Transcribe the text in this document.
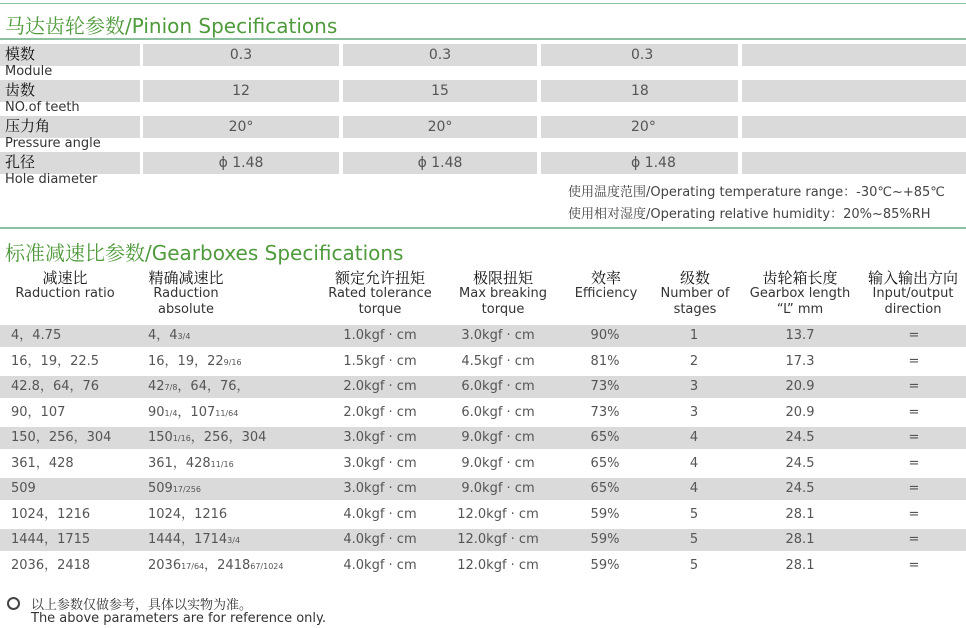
马达齿轮参数/Pinion Specifications
模数
Module
0.3	0.3	0.3
齿数
NO.of teeth
12	15	18
压力角
Pressure angle
20°	20°	20°
孔径
Hole diameter
ϕ 1.48	ϕ 1.48	ϕ 1.48
使用温度范围/Operating temperature range：-30℃~+85℃
使用相对湿度/Operating relative humidity：20%~85%RH
标准减速比参数/Gearboxes Specifications
减速比
Raduction ratio
精确减速比
Raduction
absolute
额定允许扭矩
Rated tolerance
torque
极限扭矩
Max breaking
torque
效率
Efficiency
级数
Number of
stages
齿轮箱长度
Gearbox length
“L” mm
输入输出方向
Input/output
direction
4，4.75	4，43/4	1.0kgf · cm	3.0kgf · cm	90%	1	13.7	=
16，19，22.5	16，19，229/16	1.5kgf · cm	4.5kgf · cm	81%	2	17.3	=
42.8，64，76	427/8，64，76，	2.0kgf · cm	6.0kgf · cm	73%	3	20.9	=
90，107	901/4，10711/64	2.0kgf · cm	6.0kgf · cm	73%	3	20.9	=
150，256，304	1501/16，256，304	3.0kgf · cm	9.0kgf · cm	65%	4	24.5	=
361，428	361，42811/16	3.0kgf · cm	9.0kgf · cm	65%	4	24.5	=
509	50917/256	3.0kgf · cm	9.0kgf · cm	65%	4	24.5	=
1024，1216	1024，1216	4.0kgf · cm	12.0kgf · cm	59%	5	28.1	=
1444，1715	1444，17143/4	4.0kgf · cm	12.0kgf · cm	59%	5	28.1	=
2036，2418	203617/64，241867/1024	4.0kgf · cm	12.0kgf · cm	59%	5	28.1	=
以上参数仅做参考，具体以实物为准。
The above parameters are for reference only.
